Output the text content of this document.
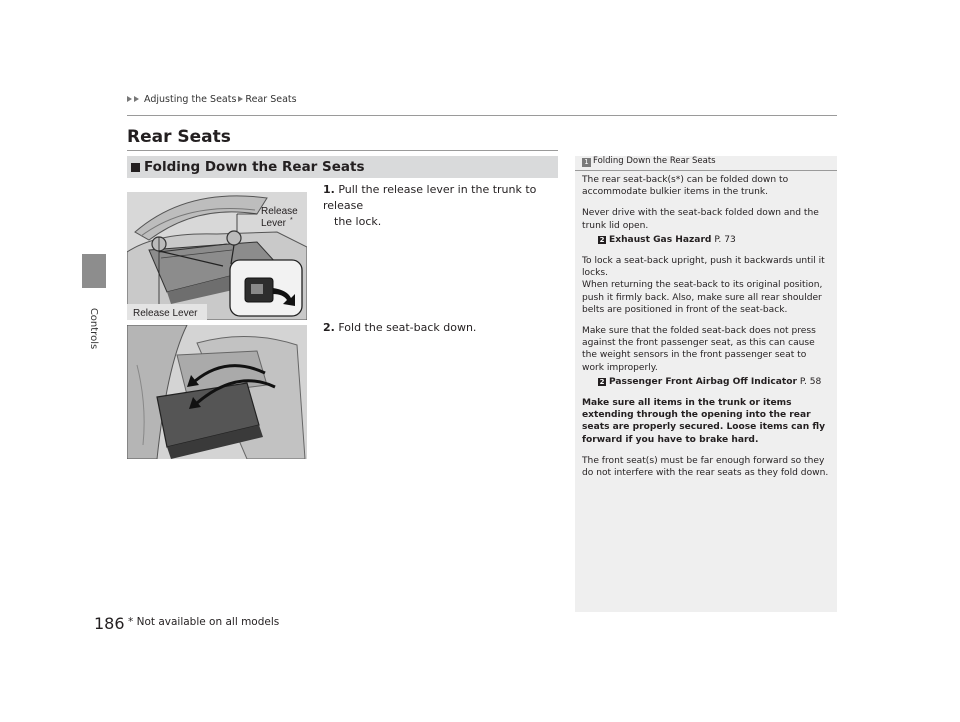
Controls
Adjusting the Seats Rear Seats
Rear Seats
Folding Down the Rear Seats
Release Lever
Release
Lever *
1. Pull the release lever in the trunk to release
the lock.
2. Fold the seat-back down.
1 Folding Down the Rear Seats

The rear seat-back(s*) can be folded down to accommodate bulkier items in the trunk.

Never drive with the seat-back folded down and the trunk lid open.

2 Exhaust Gas Hazard P. 73

To lock a seat-back upright, push it backwards until it locks.

When returning the seat-back to its original position, push it firmly back. Also, make sure all rear shoulder belts are positioned in front of the seat-back.

Make sure that the folded seat-back does not press against the front passenger seat, as this can cause the weight sensors in the front passenger seat to work improperly.

2 Passenger Front Airbag Off Indicator P. 58

Make sure all items in the trunk or items extending through the opening into the rear seats are properly secured. Loose items can fly forward if you have to brake hard.

The front seat(s) must be far enough forward so they do not interfere with the rear seats as they fold down.

186 * Not available on all models
